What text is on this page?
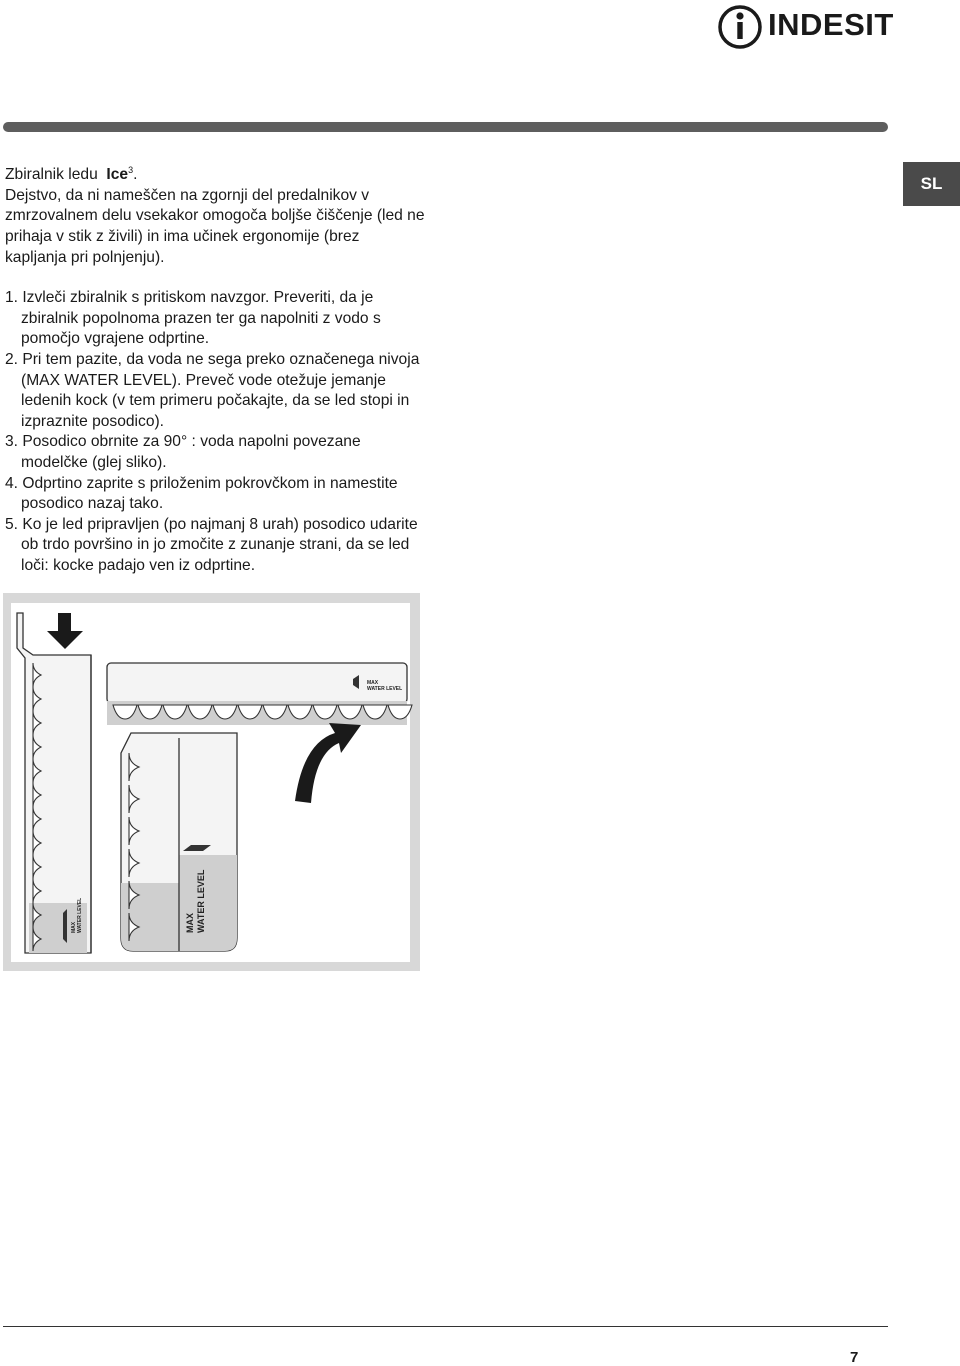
INDESIT
SL

Zbiralnik ledu Ice$^3$.

Dejstvo, da ni nameščen na zgornji del predalnikov v zmrzovalnem delu vsekakor omogoča boljše čiščenje (led ne prihaja v stik z živili) in ima učinek ergonomije (brez kapljanja pri polnjenju).

1. Izvleči zbiralnik s pritiskom navzgor. Preveriti, da je zbiralnik popolnoma prazen ter ga napolniti z vodo s pomočjo vgrajene odprtine.

2. Pri tem pazite, da voda ne sega preko označenega nivoja (MAX WATER LEVEL). Preveč vode otežuje jemanje ledenih kock (v tem primeru počakajte, da se led stopi in izpraznite posodico).

3. Posodico obrnite za 90° : voda napolni povezane modelčke (glej sliko).

4. Odprtino zaprite s priloženim pokrovčkom in namestite posodico nazaj tako.

5. Ko je led pripravljen (po najmanj 8 urah) posodico udarite ob trdo površino in jo zmočite z zunanje strani, da se led loči: kocke padajo ven iz odprtine.

MAX WATER LEVEL
MAX
WATER LEVEL
MAX WATER LEVEL
7
